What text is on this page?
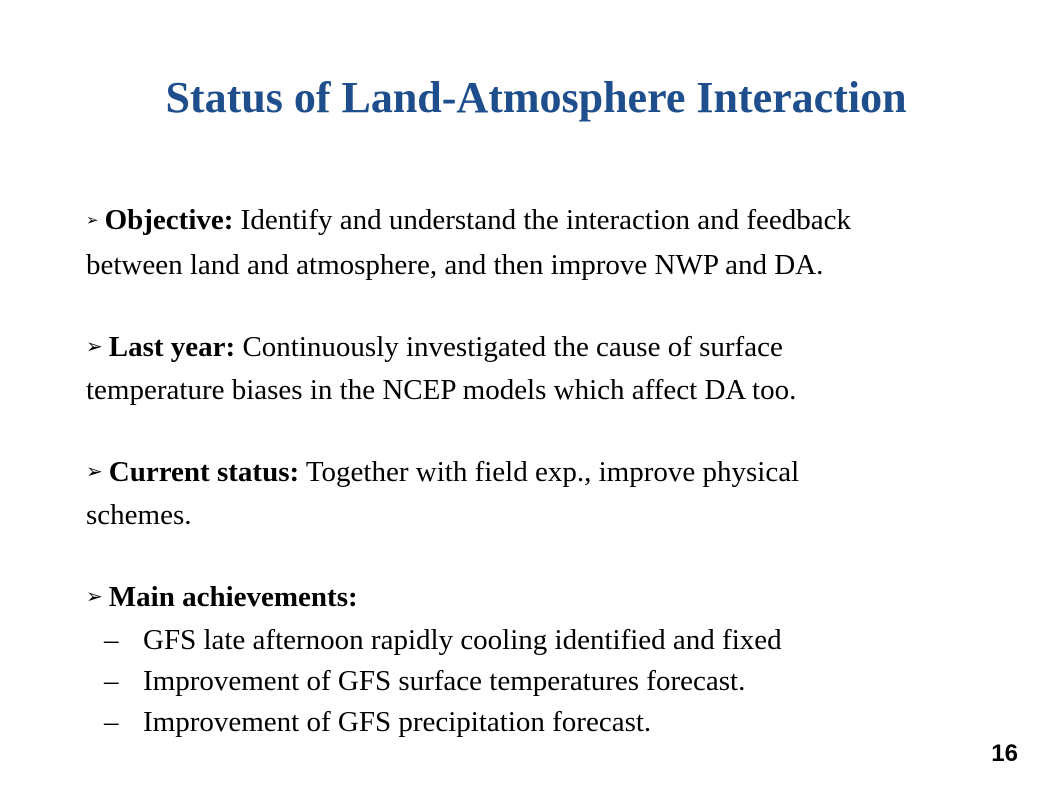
Status of Land-Atmosphere Interaction
➢ Objective: Identify and understand the interaction and feedback
between land and atmosphere, and then improve NWP and DA.
➢ Last year: Continuously investigated the cause of surface
temperature biases in the NCEP models which affect DA too.
➢ Current status: Together with field exp., improve physical
schemes.
➢ Main achievements:
– GFS late afternoon rapidly cooling identified and fixed
– Improvement of GFS surface temperatures forecast.
– Improvement of GFS precipitation forecast.
16
